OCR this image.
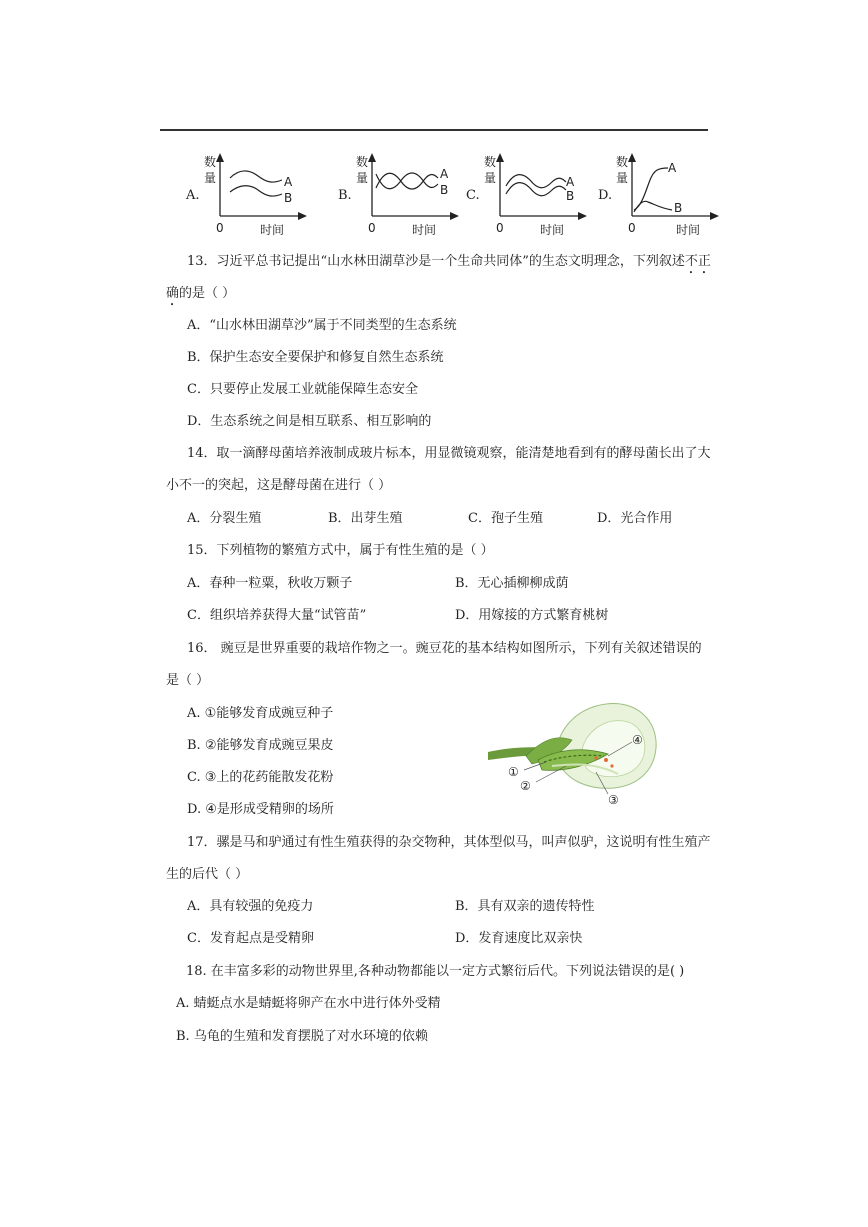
A.
数
量
0	时间
A
B	B.
数
量
0	时间
A
B C.
数
量
0	时间
A
B D.
数
量
0	时间
A
B
13．习近平总书记提出“山水林田湖草沙是一个生命共同体”的生态文明理念，下列叙述不正
确的是（ ）
A．“山水林田湖草沙”属于不同类型的生态系统
B．保护生态安全要保护和修复自然生态系统
C．只要停止发展工业就能保障生态安全
D．生态系统之间是相互联系、相互影响的
14．取一滴酵母菌培养液制成玻片标本，用显微镜观察，能清楚地看到有的酵母菌长出了大
小不一的突起，这是酵母菌在进行（ ）
A．分裂生殖	B．出芽生殖	C．孢子生殖	D．光合作用
15．下列植物的繁殖方式中，属于有性生殖的是（ ）
A．春种一粒粟，秋收万颗子	B．无心插柳柳成荫
C．组织培养获得大量“试管苗”	D．用嫁接的方式繁育桃树
16． 豌豆是世界重要的栽培作物之一。豌豆花的基本结构如图所示，下列有关叙述错误的
是（ ）
A. ①能够发育成豌豆种子
B. ②能够发育成豌豆果皮
C. ③上的花药能散发花粉
D. ④是形成受精卵的场所
①
②
③
④
17．骡是马和驴通过有性生殖获得的杂交物种，其体型似马，叫声似驴，这说明有性生殖产
生的后代（ ）
A．具有较强的免疫力	B．具有双亲的遗传特性
C．发育起点是受精卵	D．发育速度比双亲快
18. 在丰富多彩的动物世界里,各种动物都能以一定方式繁衍后代。下列说法错误的是( )
A. 蜻蜓点水是蜻蜓将卵产在水中进行体外受精
B. 乌龟的生殖和发育摆脱了对水环境的依赖
